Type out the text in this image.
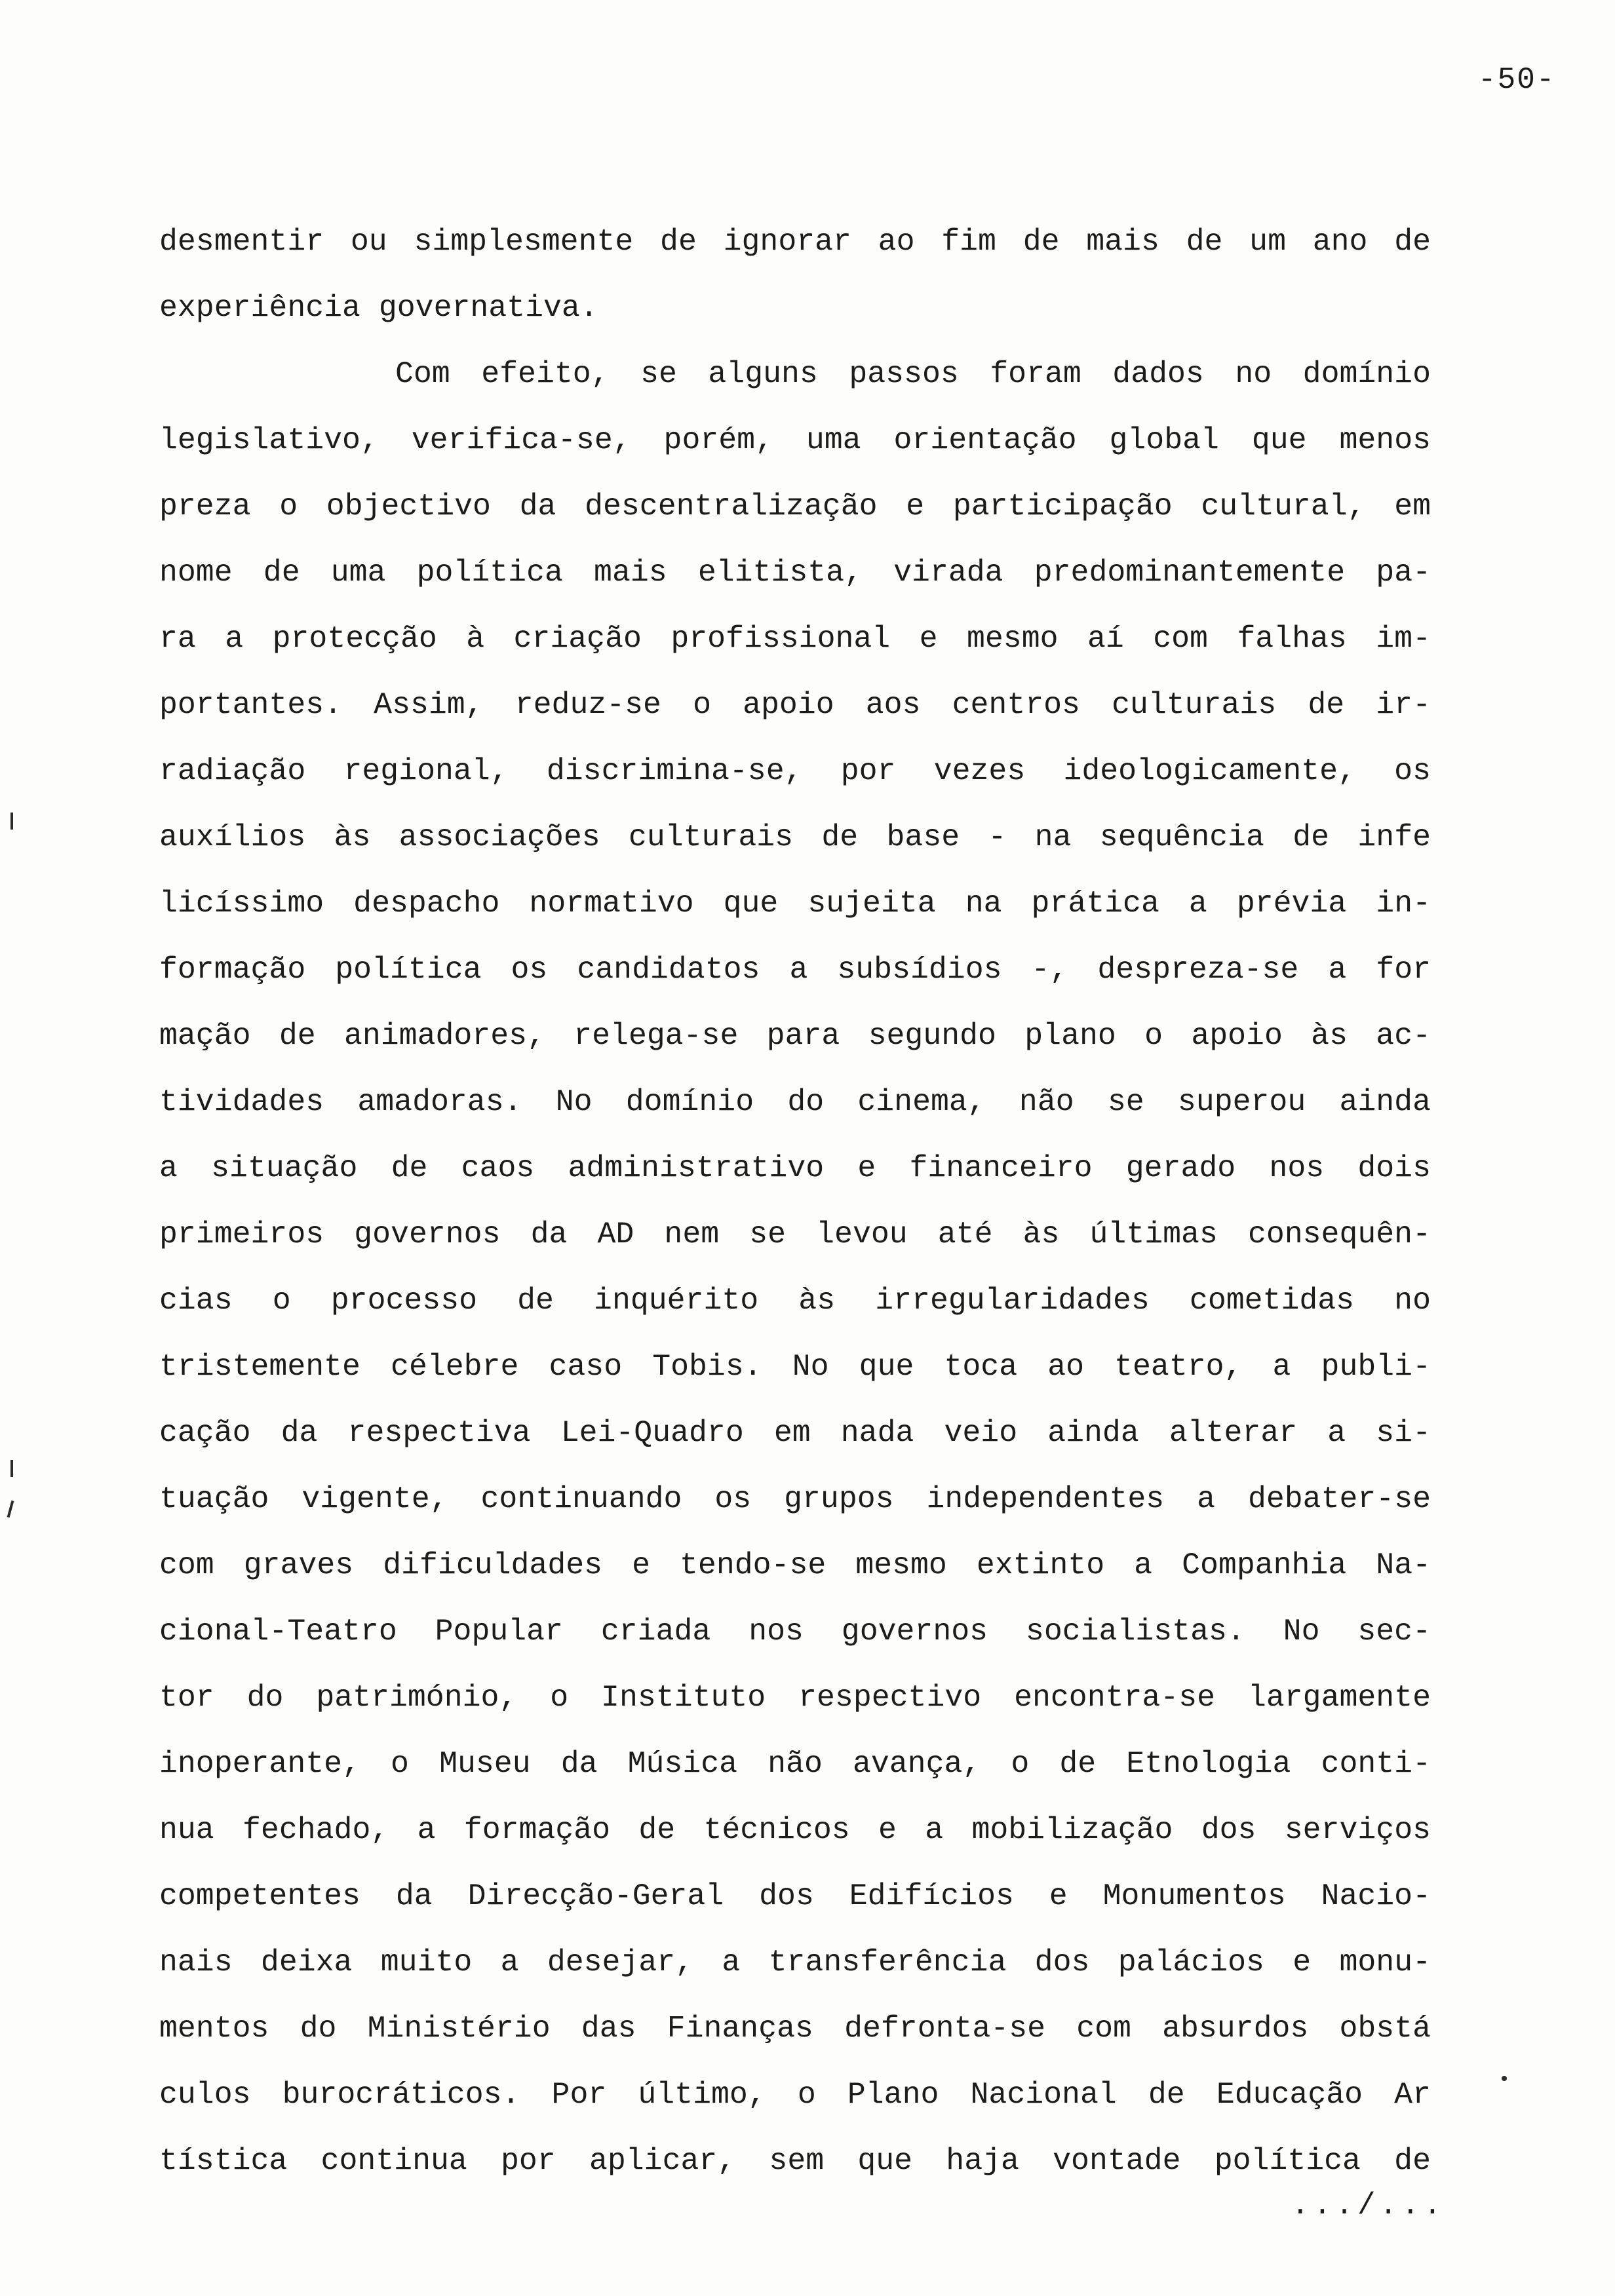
-50-
desmentir ou simplesmente de ignorar ao fim de mais de um ano de
experiência governativa.
Com efeito, se alguns passos foram dados no domínio
legislativo, verifica-se, porém, uma orientação global que menos
preza o objectivo da descentralização e participação cultural, em
nome de uma política mais elitista, virada predominantemente pa-
ra a protecção à criação profissional e mesmo aí com falhas im-
portantes. Assim, reduz-se o apoio aos centros culturais de ir-
radiação regional, discrimina-se, por vezes ideologicamente, os
auxílios às associações culturais de base - na sequência de infe
licíssimo despacho normativo que sujeita na prática a prévia in-
formação política os candidatos a subsídios -, despreza-se a for
mação de animadores, relega-se para segundo plano o apoio às ac-
tividades amadoras. No domínio do cinema, não se superou ainda
a situação de caos administrativo e financeiro gerado nos dois
primeiros governos da AD nem se levou até às últimas consequên-
cias o processo de inquérito às irregularidades cometidas no
tristemente célebre caso Tobis. No que toca ao teatro, a publi-
cação da respectiva Lei-Quadro em nada veio ainda alterar a si-
tuação vigente, continuando os grupos independentes a debater-se
com graves dificuldades e tendo-se mesmo extinto a Companhia Na-
cional-Teatro Popular criada nos governos socialistas. No sec-
tor do património, o Instituto respectivo encontra-se largamente
inoperante, o Museu da Música não avança, o de Etnologia conti-
nua fechado, a formação de técnicos e a mobilização dos serviços
competentes da Direcção-Geral dos Edifícios e Monumentos Nacio-
nais deixa muito a desejar, a transferência dos palácios e monu-
mentos do Ministério das Finanças defronta-se com absurdos obstá
culos burocráticos. Por último, o Plano Nacional de Educação Ar
tística continua por aplicar, sem que haja vontade política de
.../...
